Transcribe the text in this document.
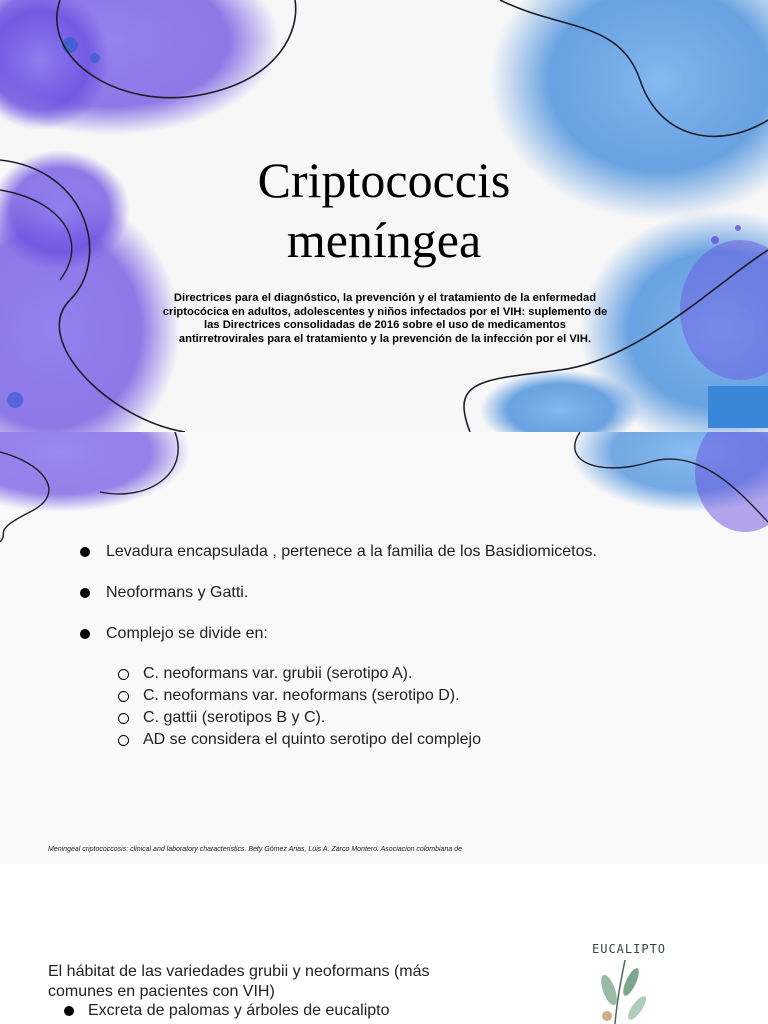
Criptococcis
meníngea
Directrices para el diagnóstico, la prevención y el tratamiento de la enfermedad criptocócica en adultos, adolescentes y niños infectados por el VIH: suplemento de las Directrices consolidadas de 2016 sobre el uso de medicamentos antirretrovirales para el tratamiento y la prevención de la infección por el VIH.
Levadura encapsulada , pertenece a la familia de los Basidiomicetos.
Neoformans y Gatti.
Complejo se divide en:
C. neoformans var. grubii (serotipo A).
C. neoformans var. neoformans (serotipo D).
C. gattii (serotipos B y C).
AD se considera el quinto serotipo del complejo
Meningeal criptococcosis: clinical and laboratory characteristics. Bety Gómez Arias, Luis A. Zarco Montero. Asociacion colombiana de
El hábitat de las variedades grubii y neoformans (más comunes en pacientes con VIH)
Excreta de palomas y árboles de eucalipto
EUCALIPTO
